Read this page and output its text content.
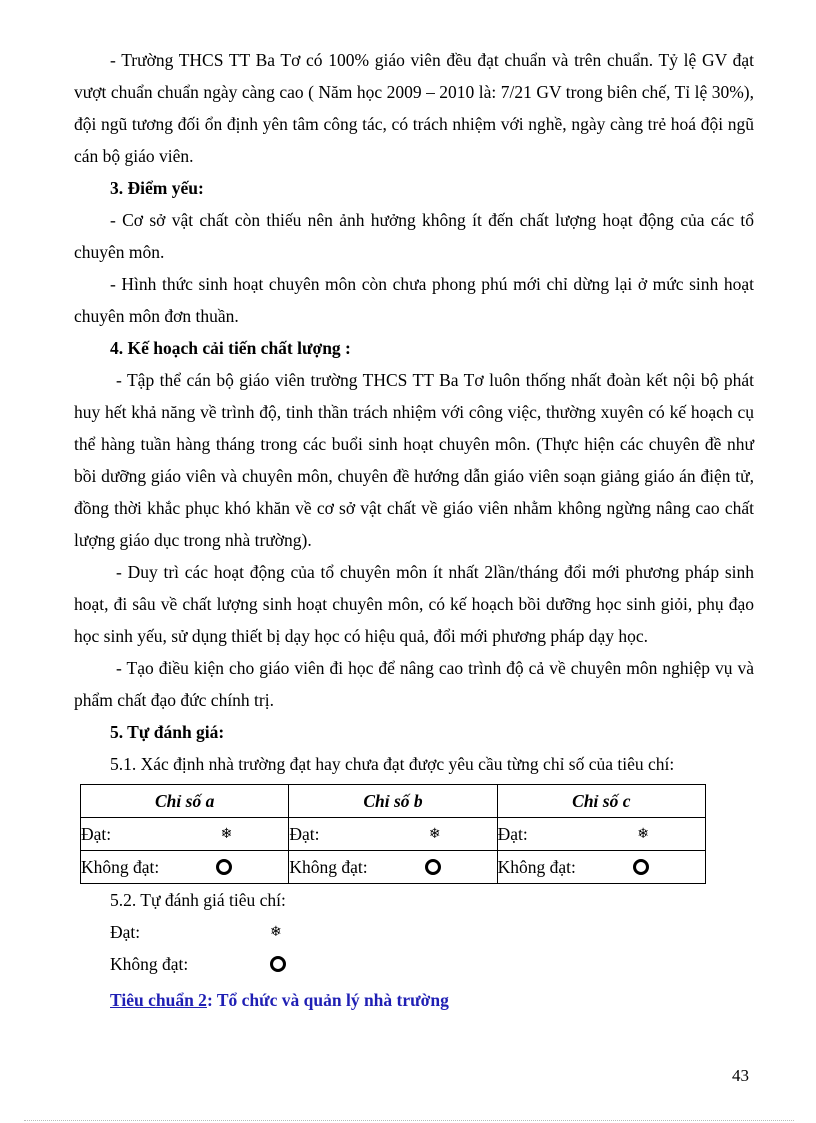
- Trường THCS TT Ba Tơ có 100% giáo viên đều đạt chuẩn và trên chuẩn. Tỷ lệ GV đạt vượt chuẩn chuẩn ngày càng cao ( Năm học 2009 – 2010 là: 7/21 GV trong biên chế, Tỉ lệ 30%), đội ngũ tương đối ổn định yên tâm công tác, có trách nhiệm với nghề, ngày càng trẻ hoá đội ngũ cán bộ giáo viên.

3. Điểm yếu:

- Cơ sở vật chất còn thiếu nên ảnh hưởng không ít đến chất lượng hoạt động của các tổ chuyên môn.

- Hình thức sinh hoạt chuyên môn còn chưa phong phú mới chỉ dừng lại ở mức sinh hoạt chuyên môn đơn thuần.

4. Kế hoạch cải tiến chất lượng :

- Tập thể cán bộ giáo viên trường THCS TT Ba Tơ luôn thống nhất đoàn kết nội bộ phát huy hết khả năng về trình độ, tinh thần trách nhiệm với công việc, thường xuyên có kế hoạch cụ thể hàng tuần hàng tháng trong các buổi sinh hoạt chuyên môn. (Thực hiện các chuyên đề như bồi dưỡng giáo viên và chuyên môn, chuyên đề hướng dẫn giáo viên soạn giảng giáo án điện tử, đồng thời khắc phục khó khăn về cơ sở vật chất về giáo viên nhằm không ngừng nâng cao chất lượng giáo dục trong nhà trường).

- Duy trì các hoạt động của tổ chuyên môn ít nhất 2lần/tháng đổi mới phương pháp sinh hoạt, đi sâu về chất lượng sinh hoạt chuyên môn, có kế hoạch bồi dưỡng học sinh giỏi, phụ đạo học sinh yếu, sử dụng thiết bị dạy học có hiệu quả, đổi mới phương pháp dạy học.

- Tạo điều kiện cho giáo viên đi học để nâng cao trình độ cả về chuyên môn nghiệp vụ và phẩm chất đạo đức chính trị.

5. Tự đánh giá:

5.1. Xác định nhà trường đạt hay chưa đạt được yêu cầu từng chỉ số của tiêu chí:

Chỉ số a	Chỉ số b	Chỉ số c

Đạt: ❄	Đạt: ❄	Đạt: ❄

Không đạt:	Không đạt:	Không đạt:
5.2. Tự đánh giá tiêu chí:
Đạt:	❄
Không đạt:
Tiêu chuẩn 2: Tổ chức và quản lý nhà trường
43
